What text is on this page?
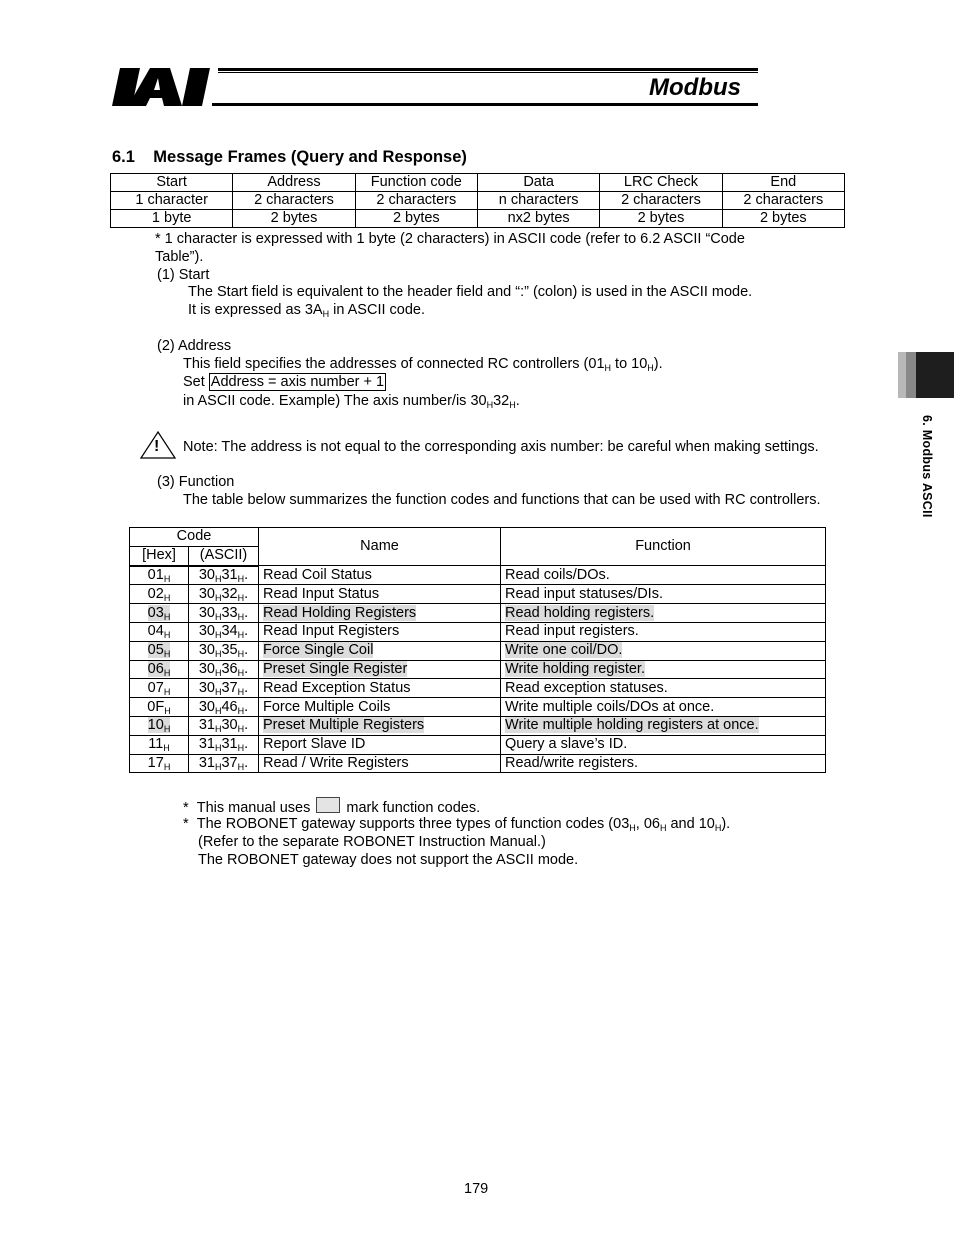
Modbus
6. Modbus ASCII
6.1    Message Frames (Query and Response)
Start	Address	Function code	Data	LRC Check	End
1 character	2 characters	2 characters	n characters	2 characters	2 characters
1 byte	2 bytes	2 bytes	nx2 bytes	2 bytes	2 bytes
* 1 character is expressed with 1 byte (2 characters) in ASCII code (refer to 6.2 ASCII “Code
Table”).
(1) Start
The Start field is equivalent to the header field and “:” (colon) is used in the ASCII mode.
It is expressed as $3A_H$ in ASCII code.
(2) Address
This field specifies the addresses of connected RC controllers ($01_H$ to $10_H$).
Set Address = axis number + 1
in ASCII code. Example) The axis number/is $30_H32_H$.
! Note: The address is not equal to the corresponding axis number: be careful when making settings.
(3) Function
The table below summarizes the function codes and functions that can be used with RC controllers.
Code		Name	Function
[Hex]	(ASCII)		
$01_H$	$30_H31_H$.	Read Coil Status	Read coils/DOs.
$02_H$	$30_H32_H$.	Read Input Status	Read input statuses/DIs.
$03_H$	$30_H33_H$.	Read Holding Registers	Read holding registers.
$04_H$	$30_H34_H$.	Read Input Registers	Read input registers.
$05_H$	$30_H35_H$.	Force Single Coil	Write one coil/DO.
$06_H$	$30_H36_H$.	Preset Single Register	Write holding register.
$07_H$	$30_H37_H$.	Read Exception Status	Read exception statuses.
$0F_H$	$30_H46_H$.	Force Multiple Coils	Write multiple coils/DOs at once.
$10_H$	$31_H30_H$.	Preset Multiple Registers	Write multiple holding registers at once.
$11_H$	$31_H31_H$.	Report Slave ID	Query a slave’s ID.
$17_H$	$31_H37_H$.	Read / Write Registers	Read/write registers.
* This manual uses mark function codes.
* The ROBONET gateway supports three types of function codes ($03_H$, $06_H$ and $10_H$).
(Refer to the separate ROBONET Instruction Manual.)
The ROBONET gateway does not support the ASCII mode.
179
